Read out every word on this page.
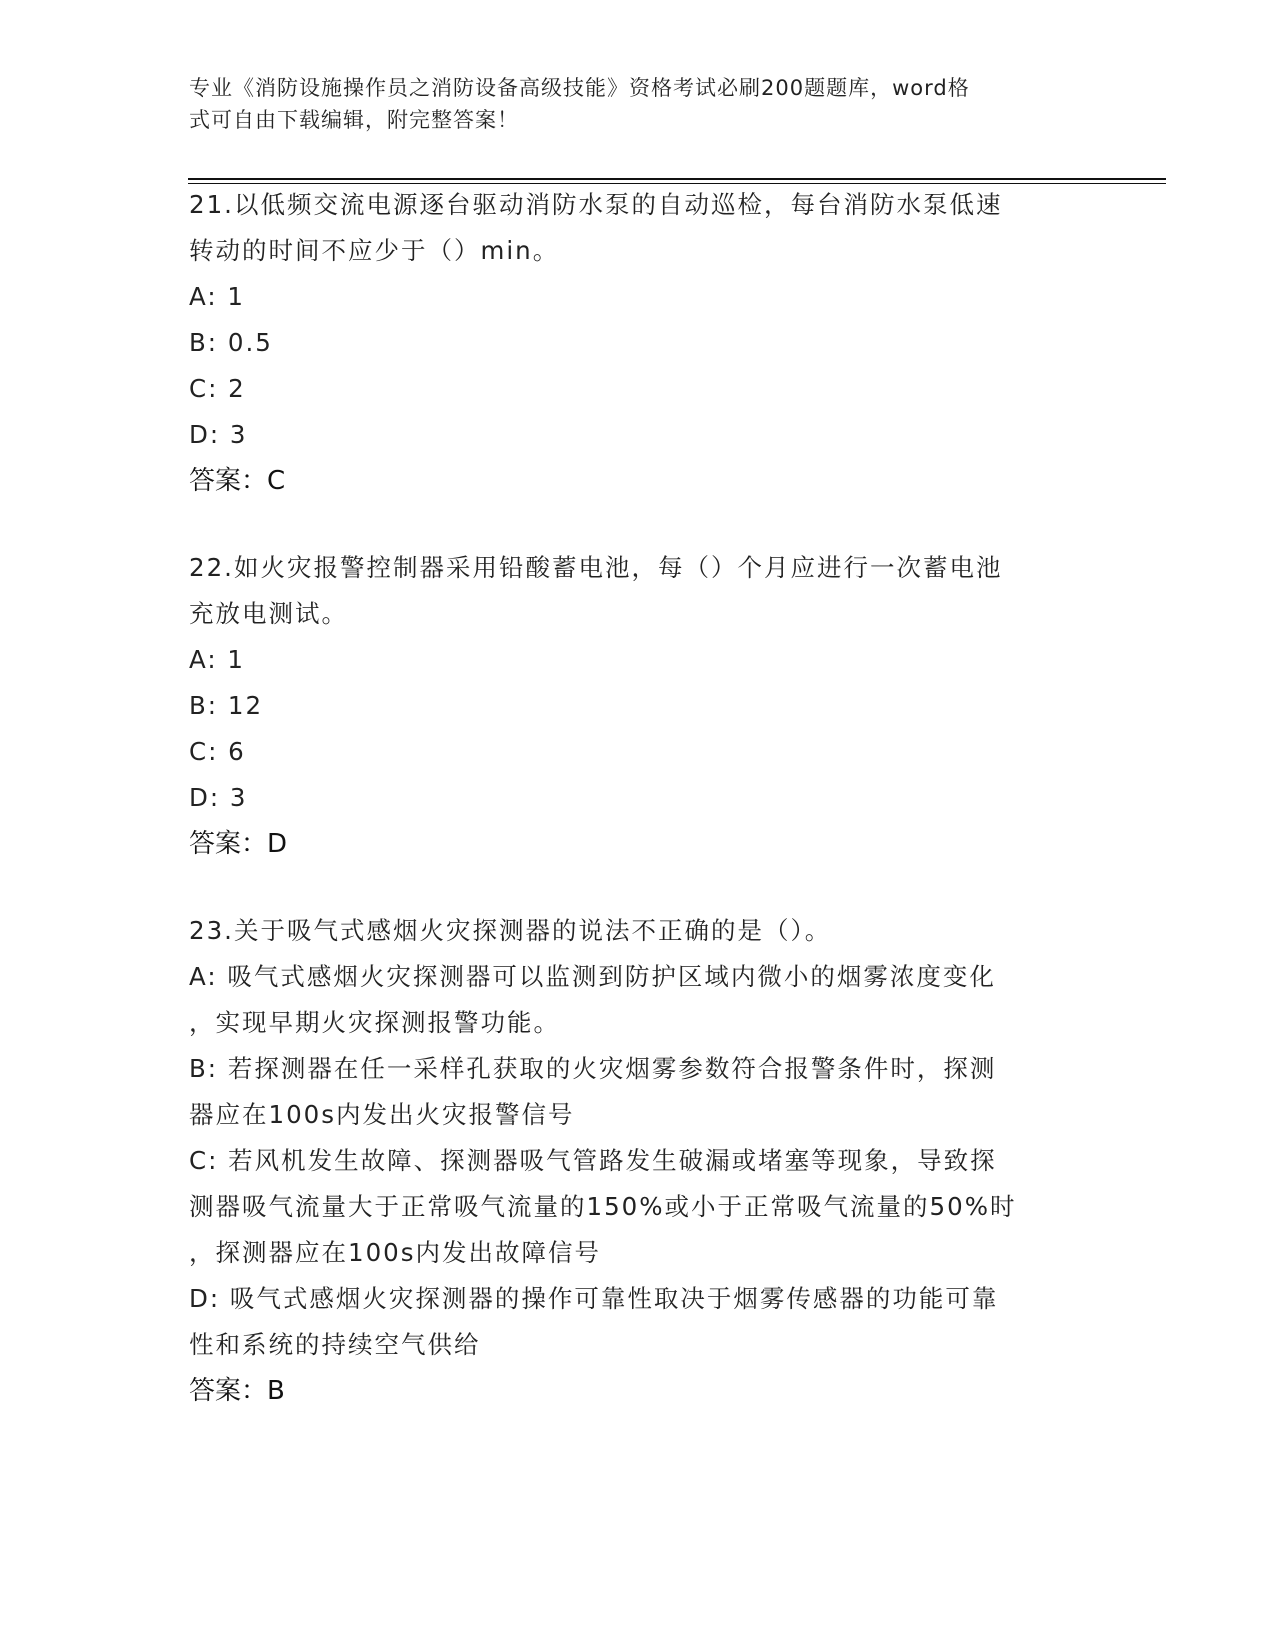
专业《消防设施操作员之消防设备高级技能》资格考试必刷200题题库，word格
式可自由下载编辑，附完整答案！
21.以低频交流电源逐台驱动消防水泵的自动巡检，每台消防水泵低速
转动的时间不应少于（）min。
A: 1
B: 0.5
C: 2
D: 3
答案：C
22.如火灾报警控制器采用铅酸蓄电池，每（）个月应进行一次蓄电池
充放电测试。
A: 1
B: 12
C: 6
D: 3
答案：D
23.关于吸气式感烟火灾探测器的说法不正确的是（）。
A: 吸气式感烟火灾探测器可以监测到防护区域内微小的烟雾浓度变化
，实现早期火灾探测报警功能。
B: 若探测器在任一采样孔获取的火灾烟雾参数符合报警条件时，探测
器应在100s内发出火灾报警信号
C: 若风机发生故障、探测器吸气管路发生破漏或堵塞等现象，导致探
测器吸气流量大于正常吸气流量的150%或小于正常吸气流量的50%时
，探测器应在100s内发出故障信号
D: 吸气式感烟火灾探测器的操作可靠性取决于烟雾传感器的功能可靠
性和系统的持续空气供给
答案：B
